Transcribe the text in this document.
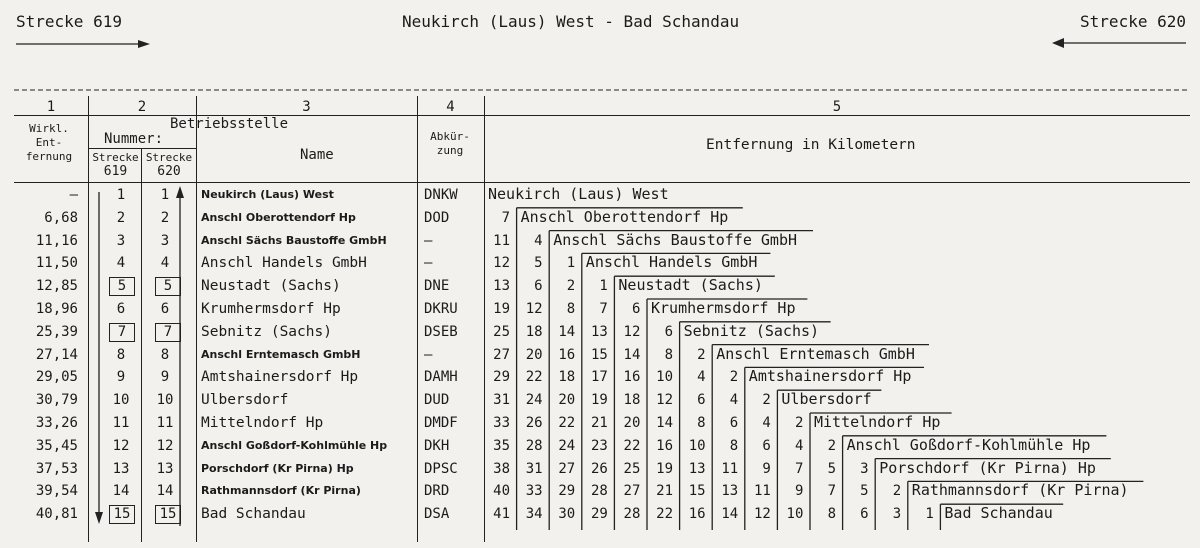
Strecke 619	Neukirch (Laus) West - Bad Schandau	Strecke 620
1	2	3	4	5
Wirkl.
Ent-
fernung
Betriebsstelle
Nummer:
Strecke
619
Strecke
620
Name
Abkür-
zung	Entfernung in Kilometern
–	1	1	Neukirch (Laus) West	DNKW Neukirch (Laus) West
6,68	2	2	Anschl Oberottendorf Hp	DOD	7 Anschl Oberottendorf Hp
11,16	3	3	Anschl Sächs Baustoffe GmbH	–	11	4 Anschl Sächs Baustoffe GmbH
11,50	4	4	Anschl Handels GmbH	–	12	5	1 Anschl Handels GmbH
12,85	5	5	Neustadt (Sachs)	DNE	13	6	2	1 Neustadt (Sachs)
18,96	6	6	Krumhermsdorf Hp	DKRU	19	12	8	7	6 Krumhermsdorf Hp
25,39	7	7	Sebnitz (Sachs)	DSEB	25	18	14	13	12	6 Sebnitz (Sachs)
27,14	8	8	Anschl Erntemasch GmbH	–	27	20	16	15	14	8	2 Anschl Erntemasch GmbH
29,05	9	9	Amtshainersdorf Hp	DAMH	29	22	18	17	16	10	4	2 Amtshainersdorf Hp
30,79	10	10	Ulbersdorf	DUD	31	24	20	19	18	12	6	4	2 Ulbersdorf
33,26	11	11	Mittelndorf Hp	DMDF	33	26	22	21	20	14	8	6	4	2 Mittelndorf Hp
35,45	12	12	Anschl Goßdorf-Kohlmühle Hp	DKH	35	28	24	23	22	16	10	8	6	4	2 Anschl Goßdorf-Kohlmühle Hp
37,53	13	13	Porschdorf (Kr Pirna) Hp	DPSC	38	31	27	26	25	19	13	11	9	7	5	3 Porschdorf (Kr Pirna) Hp
39,54	14	14	Rathmannsdorf (Kr Pirna)	DRD	40	33	29	28	27	21	15	13	11	9	7	5	2 Rathmannsdorf (Kr Pirna)
40,81	15 15 Bad Schandau	DSA	41	34	30	29	28	22	16	14	12	10	8	6	3	1 Bad Schandau
